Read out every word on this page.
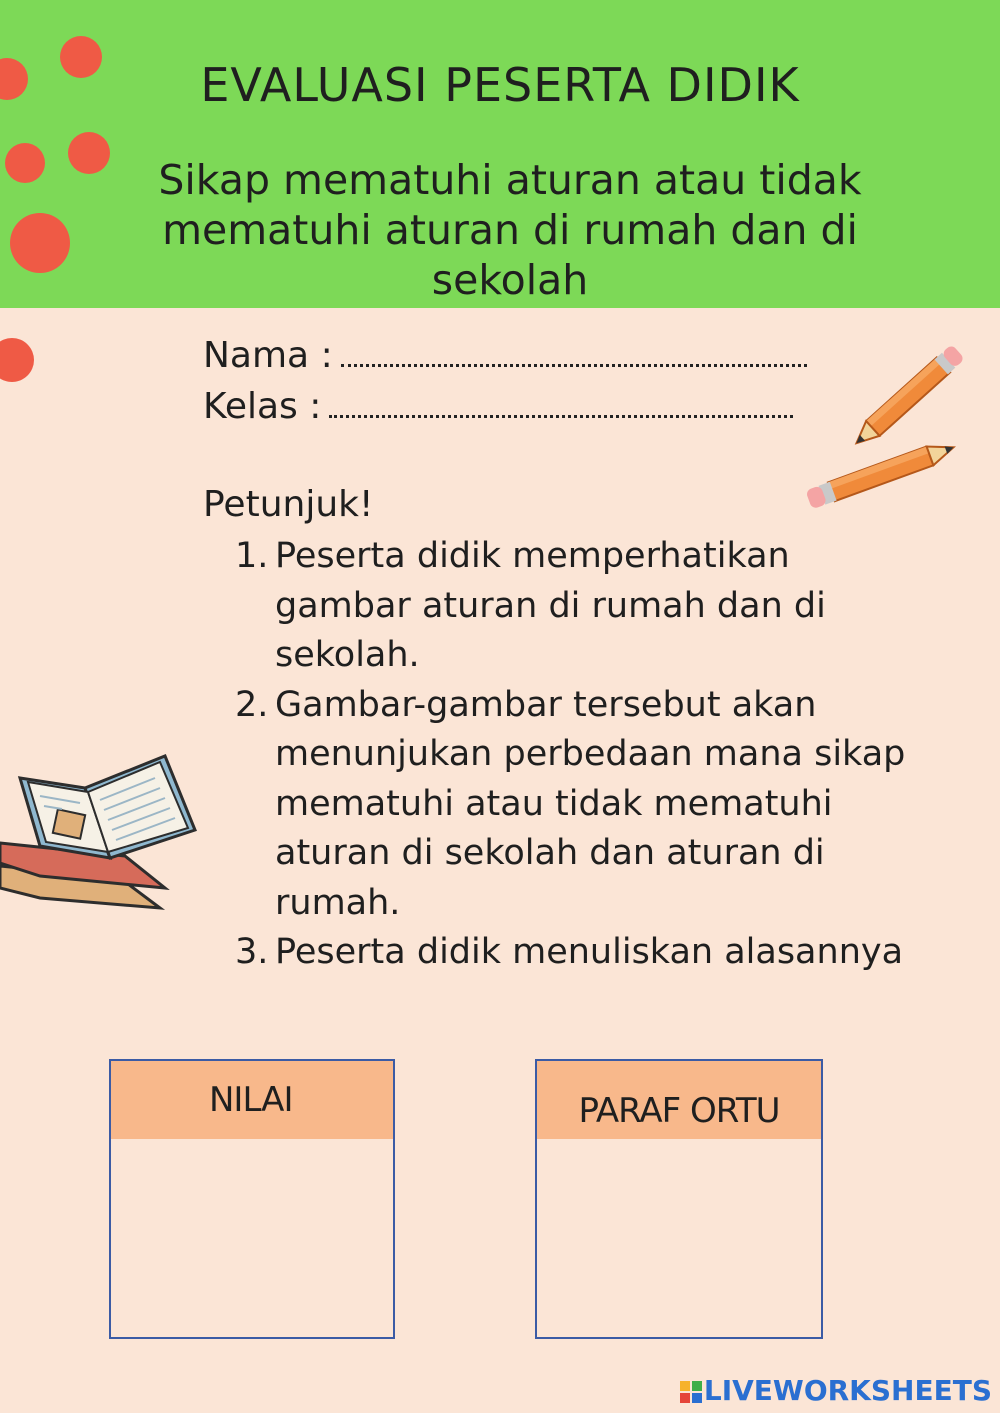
EVALUASI PESERTA DIDIK
Sikap mematuhi aturan atau tidak
mematuhi aturan di rumah dan di
sekolah
Nama :
Kelas :
Petunjuk!
1. Peserta didik memperhatikan gambar aturan di rumah dan di sekolah.
2. Gambar-gambar tersebut akan menunjukan perbedaan mana sikap mematuhi atau tidak mematuhi aturan di sekolah dan aturan di rumah.
3. Peserta didik menuliskan alasannya
NILAI	PARAF ORTU
LIVEWORKSHEETS
